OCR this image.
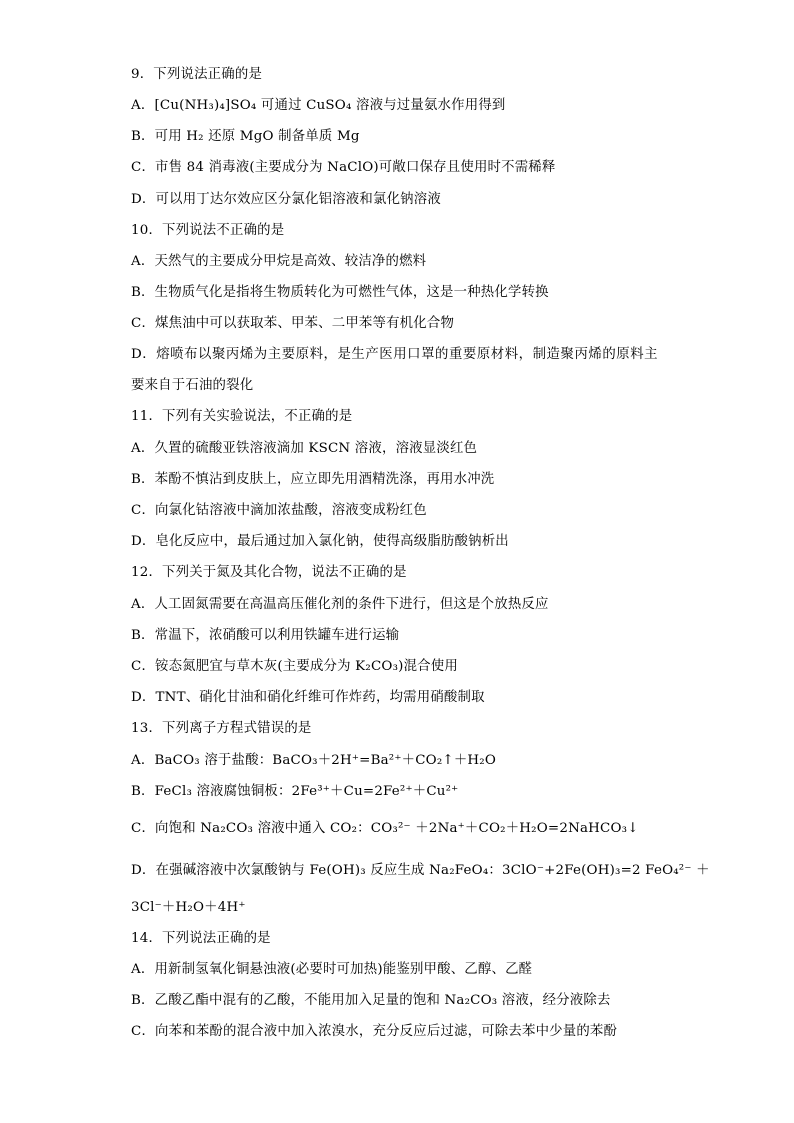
9．下列说法正确的是
A．[Cu(NH₃)₄]SO₄ 可通过 CuSO₄ 溶液与过量氨水作用得到
B．可用 H₂ 还原 MgO 制备单质 Mg
C．市售 84 消毒液(主要成分为 NaClO)可敞口保存且使用时不需稀释
D．可以用丁达尔效应区分氯化铝溶液和氯化钠溶液
10．下列说法不正确的是
A．天然气的主要成分甲烷是高效、较洁净的燃料
B．生物质气化是指将生物质转化为可燃性气体，这是一种热化学转换
C．煤焦油中可以获取苯、甲苯、二甲苯等有机化合物
D．熔喷布以聚丙烯为主要原料，是生产医用口罩的重要原材料，制造聚丙烯的原料主
要来自于石油的裂化
11．下列有关实验说法，不正确的是
A．久置的硫酸亚铁溶液滴加 KSCN 溶液，溶液显淡红色
B．苯酚不慎沾到皮肤上，应立即先用酒精洗涤，再用水冲洗
C．向氯化钴溶液中滴加浓盐酸，溶液变成粉红色
D．皂化反应中，最后通过加入氯化钠，使得高级脂肪酸钠析出
12．下列关于氮及其化合物，说法不正确的是
A．人工固氮需要在高温高压催化剂的条件下进行，但这是个放热反应
B．常温下，浓硝酸可以利用铁罐车进行运输
C．铵态氮肥宜与草木灰(主要成分为 K₂CO₃)混合使用
D．TNT、硝化甘油和硝化纤维可作炸药，均需用硝酸制取
13．下列离子方程式错误的是
A．BaCO₃ 溶于盐酸：BaCO₃＋2H⁺=Ba²⁺＋CO₂↑＋H₂O
B．FeCl₃ 溶液腐蚀铜板：2Fe³⁺＋Cu=2Fe²⁺＋Cu²⁺
C．向饱和 Na₂CO₃ 溶液中通入 CO₂：CO₃²⁻ ＋2Na⁺＋CO₂＋H₂O=2NaHCO₃↓
D．在强碱溶液中次氯酸钠与 Fe(OH)₃ 反应生成 Na₂FeO₄：3ClO⁻+2Fe(OH)₃=2 FeO₄²⁻ ＋
3Cl⁻＋H₂O＋4H⁺
14．下列说法正确的是
A．用新制氢氧化铜悬浊液(必要时可加热)能鉴别甲酸、乙醇、乙醛
B．乙酸乙酯中混有的乙酸，不能用加入足量的饱和 Na₂CO₃ 溶液，经分液除去
C．向苯和苯酚的混合液中加入浓溴水，充分反应后过滤，可除去苯中少量的苯酚
